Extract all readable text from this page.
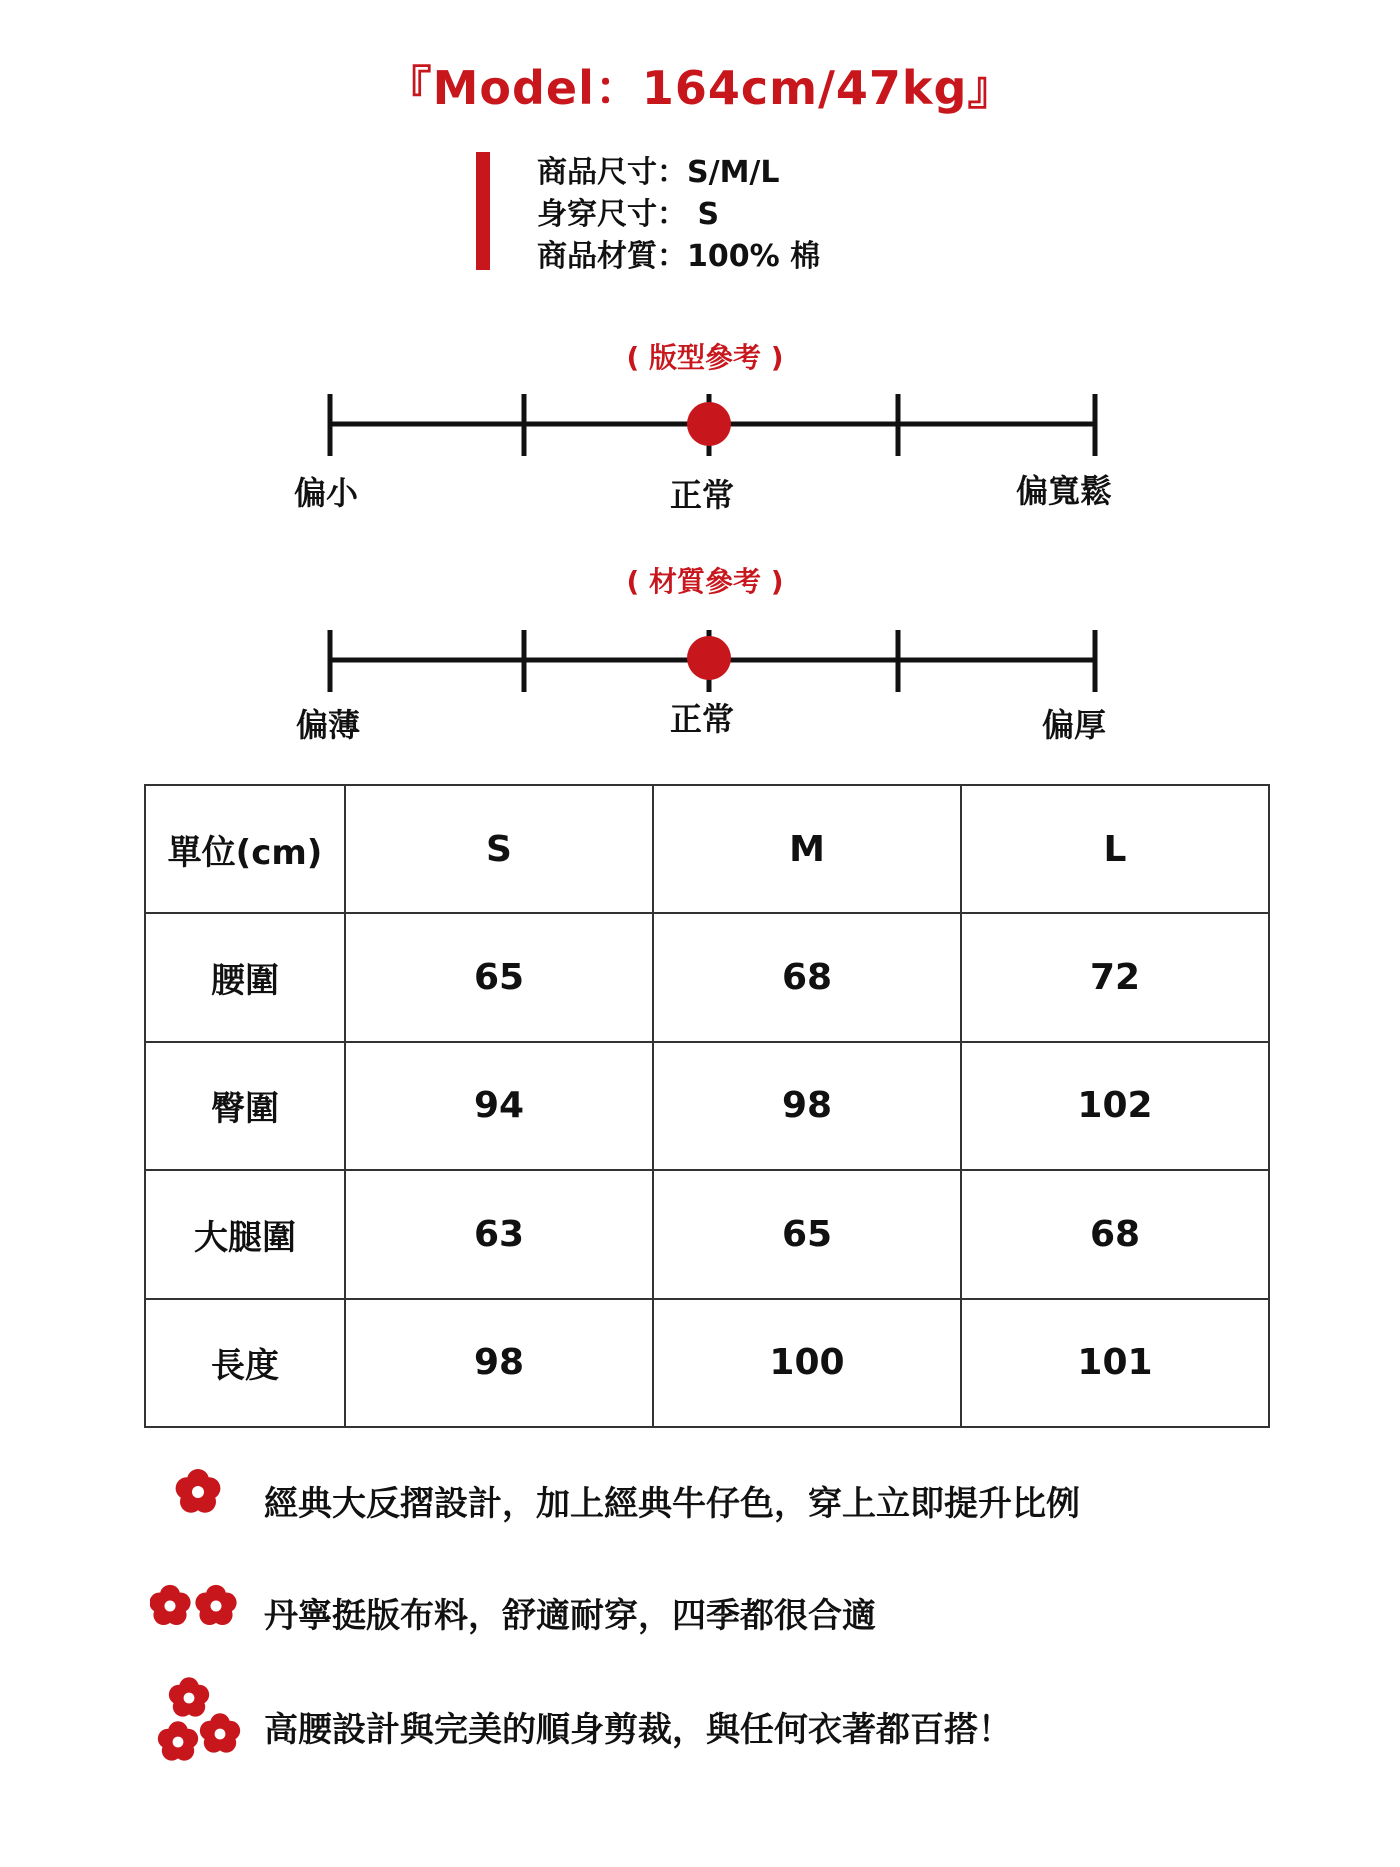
『Model：164cm/47kg』
商品尺寸：S/M/L
身穿尺寸： S
商品材質：100% 棉
( 版型參考 )
偏小	正常	偏寬鬆
( 材質參考 )
偏薄	正常	偏厚
單位(cm)	S	M	L
腰圍	65	68	72
臀圍	94	98	102
大腿圍	63	65	68
長度	98	100	101
經典大反摺設計，加上經典牛仔色，穿上立即提升比例
丹寧挺版布料，舒適耐穿，四季都很合適
高腰設計與完美的順身剪裁，與任何衣著都百搭！
